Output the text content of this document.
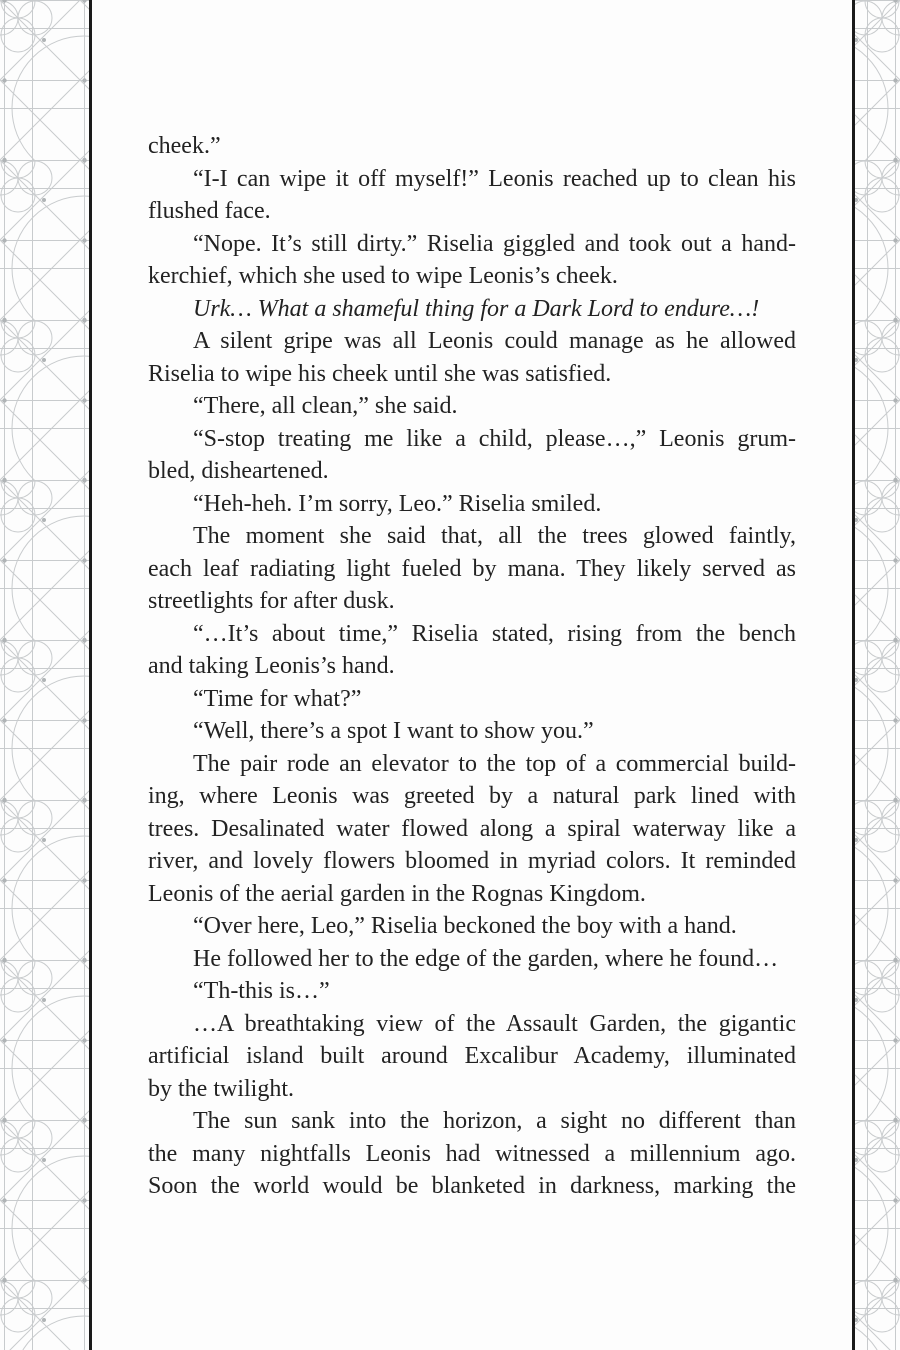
cheek.”
“I-I can wipe it off myself!” Leonis reached up to clean his
flushed face.
“Nope. It’s still dirty.” Riselia giggled and took out a hand-
kerchief, which she used to wipe Leonis’s cheek.
Urk… What a shameful thing for a Dark Lord to endure…!
A silent gripe was all Leonis could manage as he allowed
Riselia to wipe his cheek until she was satisfied.
“There, all clean,” she said.
“S-stop treating me like a child, please…,” Leonis grum-
bled, disheartened.
“Heh-heh. I’m sorry, Leo.” Riselia smiled.
The moment she said that, all the trees glowed faintly,
each leaf radiating light fueled by mana. They likely served as
streetlights for after dusk.
“…It’s about time,” Riselia stated, rising from the bench
and taking Leonis’s hand.
“Time for what?”
“Well, there’s a spot I want to show you.”
The pair rode an elevator to the top of a commercial build-
ing, where Leonis was greeted by a natural park lined with
trees. Desalinated water flowed along a spiral waterway like a
river, and lovely flowers bloomed in myriad colors. It reminded
Leonis of the aerial garden in the Rognas Kingdom.
“Over here, Leo,” Riselia beckoned the boy with a hand.
He followed her to the edge of the garden, where he found…
“Th-this is…”
…A breathtaking view of the Assault Garden, the gigantic
artificial island built around Excalibur Academy, illuminated
by the twilight.
The sun sank into the horizon, a sight no different than
the many nightfalls Leonis had witnessed a millennium ago.
Soon the world would be blanketed in darkness, marking the
